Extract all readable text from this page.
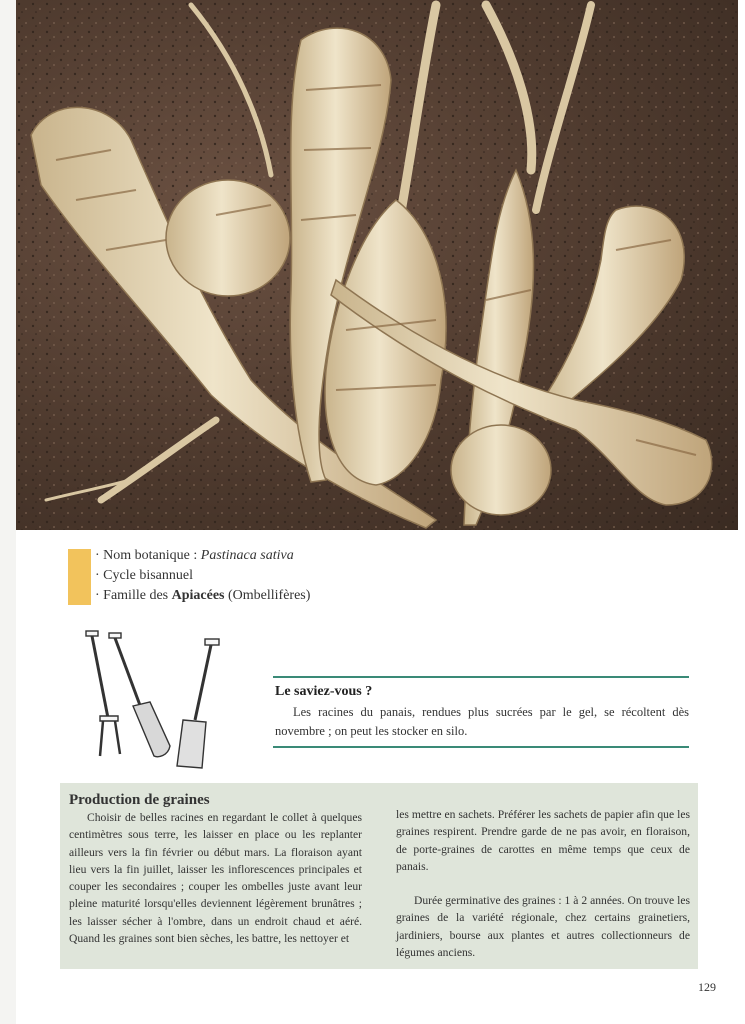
· Nom botanique : Pastinaca sativa
· Cycle bisannuel
· Famille des Apiacées (Ombellifères)
Le saviez-vous ?
Les racines du panais, rendues plus sucrées par le gel, se récoltent dès novembre ; on peut les stocker en silo.
Production de graines

Choisir de belles racines en regardant le collet à quelques centimètres sous terre, les laisser en place ou les replanter ailleurs vers la fin février ou début mars. La floraison ayant lieu vers la fin juillet, laisser les inflorescences principales et couper les secondaires ; couper les ombelles juste avant leur pleine maturité lorsqu'elles deviennent légèrement brunâtres ; les laisser sécher à l'ombre, dans un endroit chaud et aéré. Quand les graines sont bien sèches, les battre, les nettoyer et

les mettre en sachets. Préférer les sachets de papier afin que les graines respirent. Prendre garde de ne pas avoir, en floraison, de porte-graines de carottes en même temps que ceux de panais.

Durée germinative des graines : 1 à 2 années. On trouve les graines de la variété régionale, chez certains grainetiers, jardiniers, bourse aux plantes et autres collectionneurs de légumes anciens.

129
